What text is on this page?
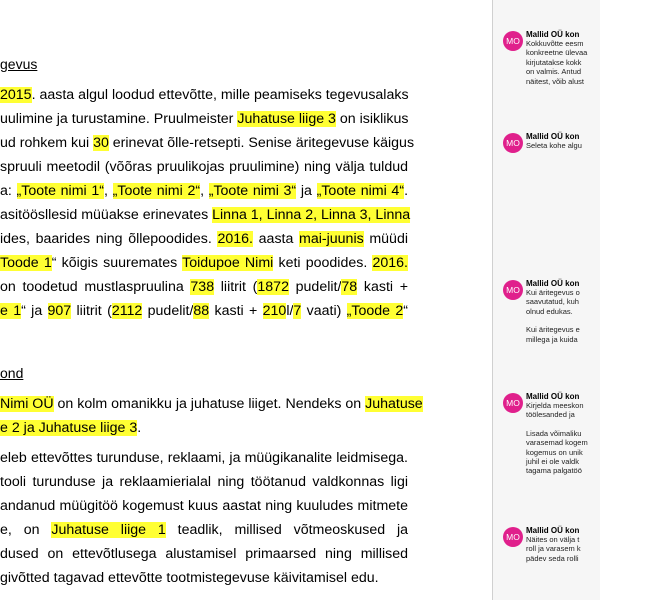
gevus
2015. aasta algul loodud ettevõtte, mille peamiseks tegevusalaks
uulimine ja turustamine. Pruulmeister Juhatuse liige 3 on isiklikus
ud rohkem kui 30 erinevat õlle-retsepti. Senise äritegevuse käigus
spruuli meetodil (võõras pruulikojas pruulimine) ning välja tuldud
a: „Toote nimi 1“, „Toote nimi 2“, „Toote nimi 3“ ja „Toote nimi 4“.
asitöösllesid müüakse erinevates Linna 1, Linna 2, Linna 3, Linna
ides, baarides ning õllepoodides. 2016. aasta mai-juunis müüdi
Toode 1“ kõigis suuremates Toidupoe Nimi keti poodides. 2016.
on toodetud mustlaspruulina 738 liitrit (1872 pudelit/78 kasti +
e 1“ ja 907 liitrit (2112 pudelit/88 kasti + 210l/7 vaati) „Toode 2“
ond
Nimi OÜ on kolm omanikku ja juhatuse liiget. Nendeks on Juhatuse
e 2 ja Juhatuse liige 3.
eleb ettevõttes turunduse, reklaami, ja müügikanalite leidmisega.
tooli turunduse ja reklaamierialal ning töötanud valdkonnas ligi
andanud müügitöö kogemust kuus aastat ning kuuludes mitmete
e, on Juhatuse liige 1 teadlik, millised võtmeoskused ja
dused on ettevõtlusega alustamisel primaarsed ning millised
givõtted tagavad ettevõtte tootmistegevuse käivitamisel edu.
MO
Mallid OÜ kon
Kokkuvõtte eesm
konkreetne ülevaa
kirjutatakse kokk
on valmis. Antud
näitest, võib alust
MO
Mallid OÜ kon
Seleta kohe algu
MO
Mallid OÜ kon
Kui äritegevus o
saavutatud, kuh
olnud edukas.
Kui äritegevus e
millega ja kuida
MO
Mallid OÜ kon
Kirjelda meeskon
töölesanded ja
Lisada võimaliku
varasemad kogem
kogemus on unik
juhil ei ole valdk
tagama palgatöö
MO
Mallid OÜ kon
Näites on välja t
roll ja varasem k
pädev seda rolli
